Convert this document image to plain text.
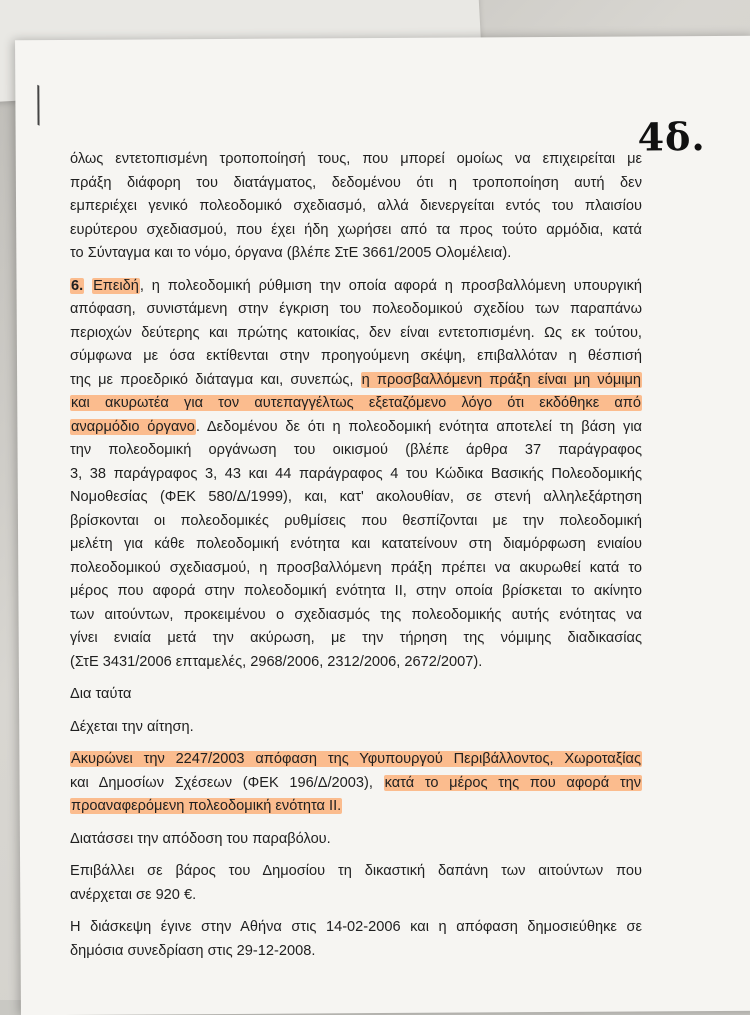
4δ.
όλως εντετοπισμένη τροποποίησή τους, που μπορεί ομοίως να επιχειρείται με
πράξη διάφορη του διατάγματος, δεδομένου ότι η τροποποίηση αυτή δεν
εμπεριέχει γενικό πολεοδομικό σχεδιασμό, αλλά διενεργείται εντός του πλαισίου
ευρύτερου σχεδιασμού, που έχει ήδη χωρήσει από τα προς τούτο αρμόδια, κατά
το Σύνταγμα και το νόμο, όργανα (βλέπε ΣτΕ 3661/2005 Ολομέλεια).
6. Επειδή, η πολεοδομική ρύθμιση την οποία αφορά η προσβαλλόμενη υπουργική
απόφαση, συνιστάμενη στην έγκριση του πολεοδομικού σχεδίου των παραπάνω
περιοχών δεύτερης και πρώτης κατοικίας, δεν είναι εντετοπισμένη. Ως εκ τούτου,
σύμφωνα με όσα εκτίθενται στην προηγούμενη σκέψη, επιβαλλόταν η θέσπισή
της με προεδρικό διάταγμα και, συνεπώς, η προσβαλλόμενη πράξη είναι μη νόμιμη
και ακυρωτέα για τον αυτεπαγγέλτως εξεταζόμενο λόγο ότι εκδόθηκε από
αναρμόδιο όργανο. Δεδομένου δε ότι η πολεοδομική ενότητα αποτελεί τη βάση για
την πολεοδομική οργάνωση του οικισμού (βλέπε άρθρα 37 παράγραφος
3, 38 παράγραφος 3, 43 και 44 παράγραφος 4 του Κώδικα Βασικής Πολεοδομικής
Νομοθεσίας (ΦΕΚ 580/Δ/1999), και, κατ' ακολουθίαν, σε στενή αλληλεξάρτηση
βρίσκονται οι πολεοδομικές ρυθμίσεις που θεσπίζονται με την πολεοδομική
μελέτη για κάθε πολεοδομική ενότητα και κατατείνουν στη διαμόρφωση ενιαίου
πολεοδομικού σχεδιασμού, η προσβαλλόμενη πράξη πρέπει να ακυρωθεί κατά το
μέρος που αφορά στην πολεοδομική ενότητα ΙΙ, στην οποία βρίσκεται το ακίνητο
των αιτούντων, προκειμένου ο σχεδιασμός της πολεοδομικής αυτής ενότητας να
γίνει ενιαία μετά την ακύρωση, με την τήρηση της νόμιμης διαδικασίας
(ΣτΕ 3431/2006 επταμελές, 2968/2006, 2312/2006, 2672/2007).
Δια ταύτα
Δέχεται την αίτηση.
Ακυρώνει την 2247/2003 απόφαση της Υφυπουργού Περιβάλλοντος, Χωροταξίας
και Δημοσίων Σχέσεων (ΦΕΚ 196/Δ/2003), κατά το μέρος της που αφορά την
προαναφερόμενη πολεοδομική ενότητα ΙΙ.
Διατάσσει την απόδοση του παραβόλου.
Επιβάλλει σε βάρος του Δημοσίου τη δικαστική δαπάνη των αιτούντων που
ανέρχεται σε 920 €.
Η διάσκεψη έγινε στην Αθήνα στις 14-02-2006 και η απόφαση δημοσιεύθηκε σε
δημόσια συνεδρίαση στις 29-12-2008.
